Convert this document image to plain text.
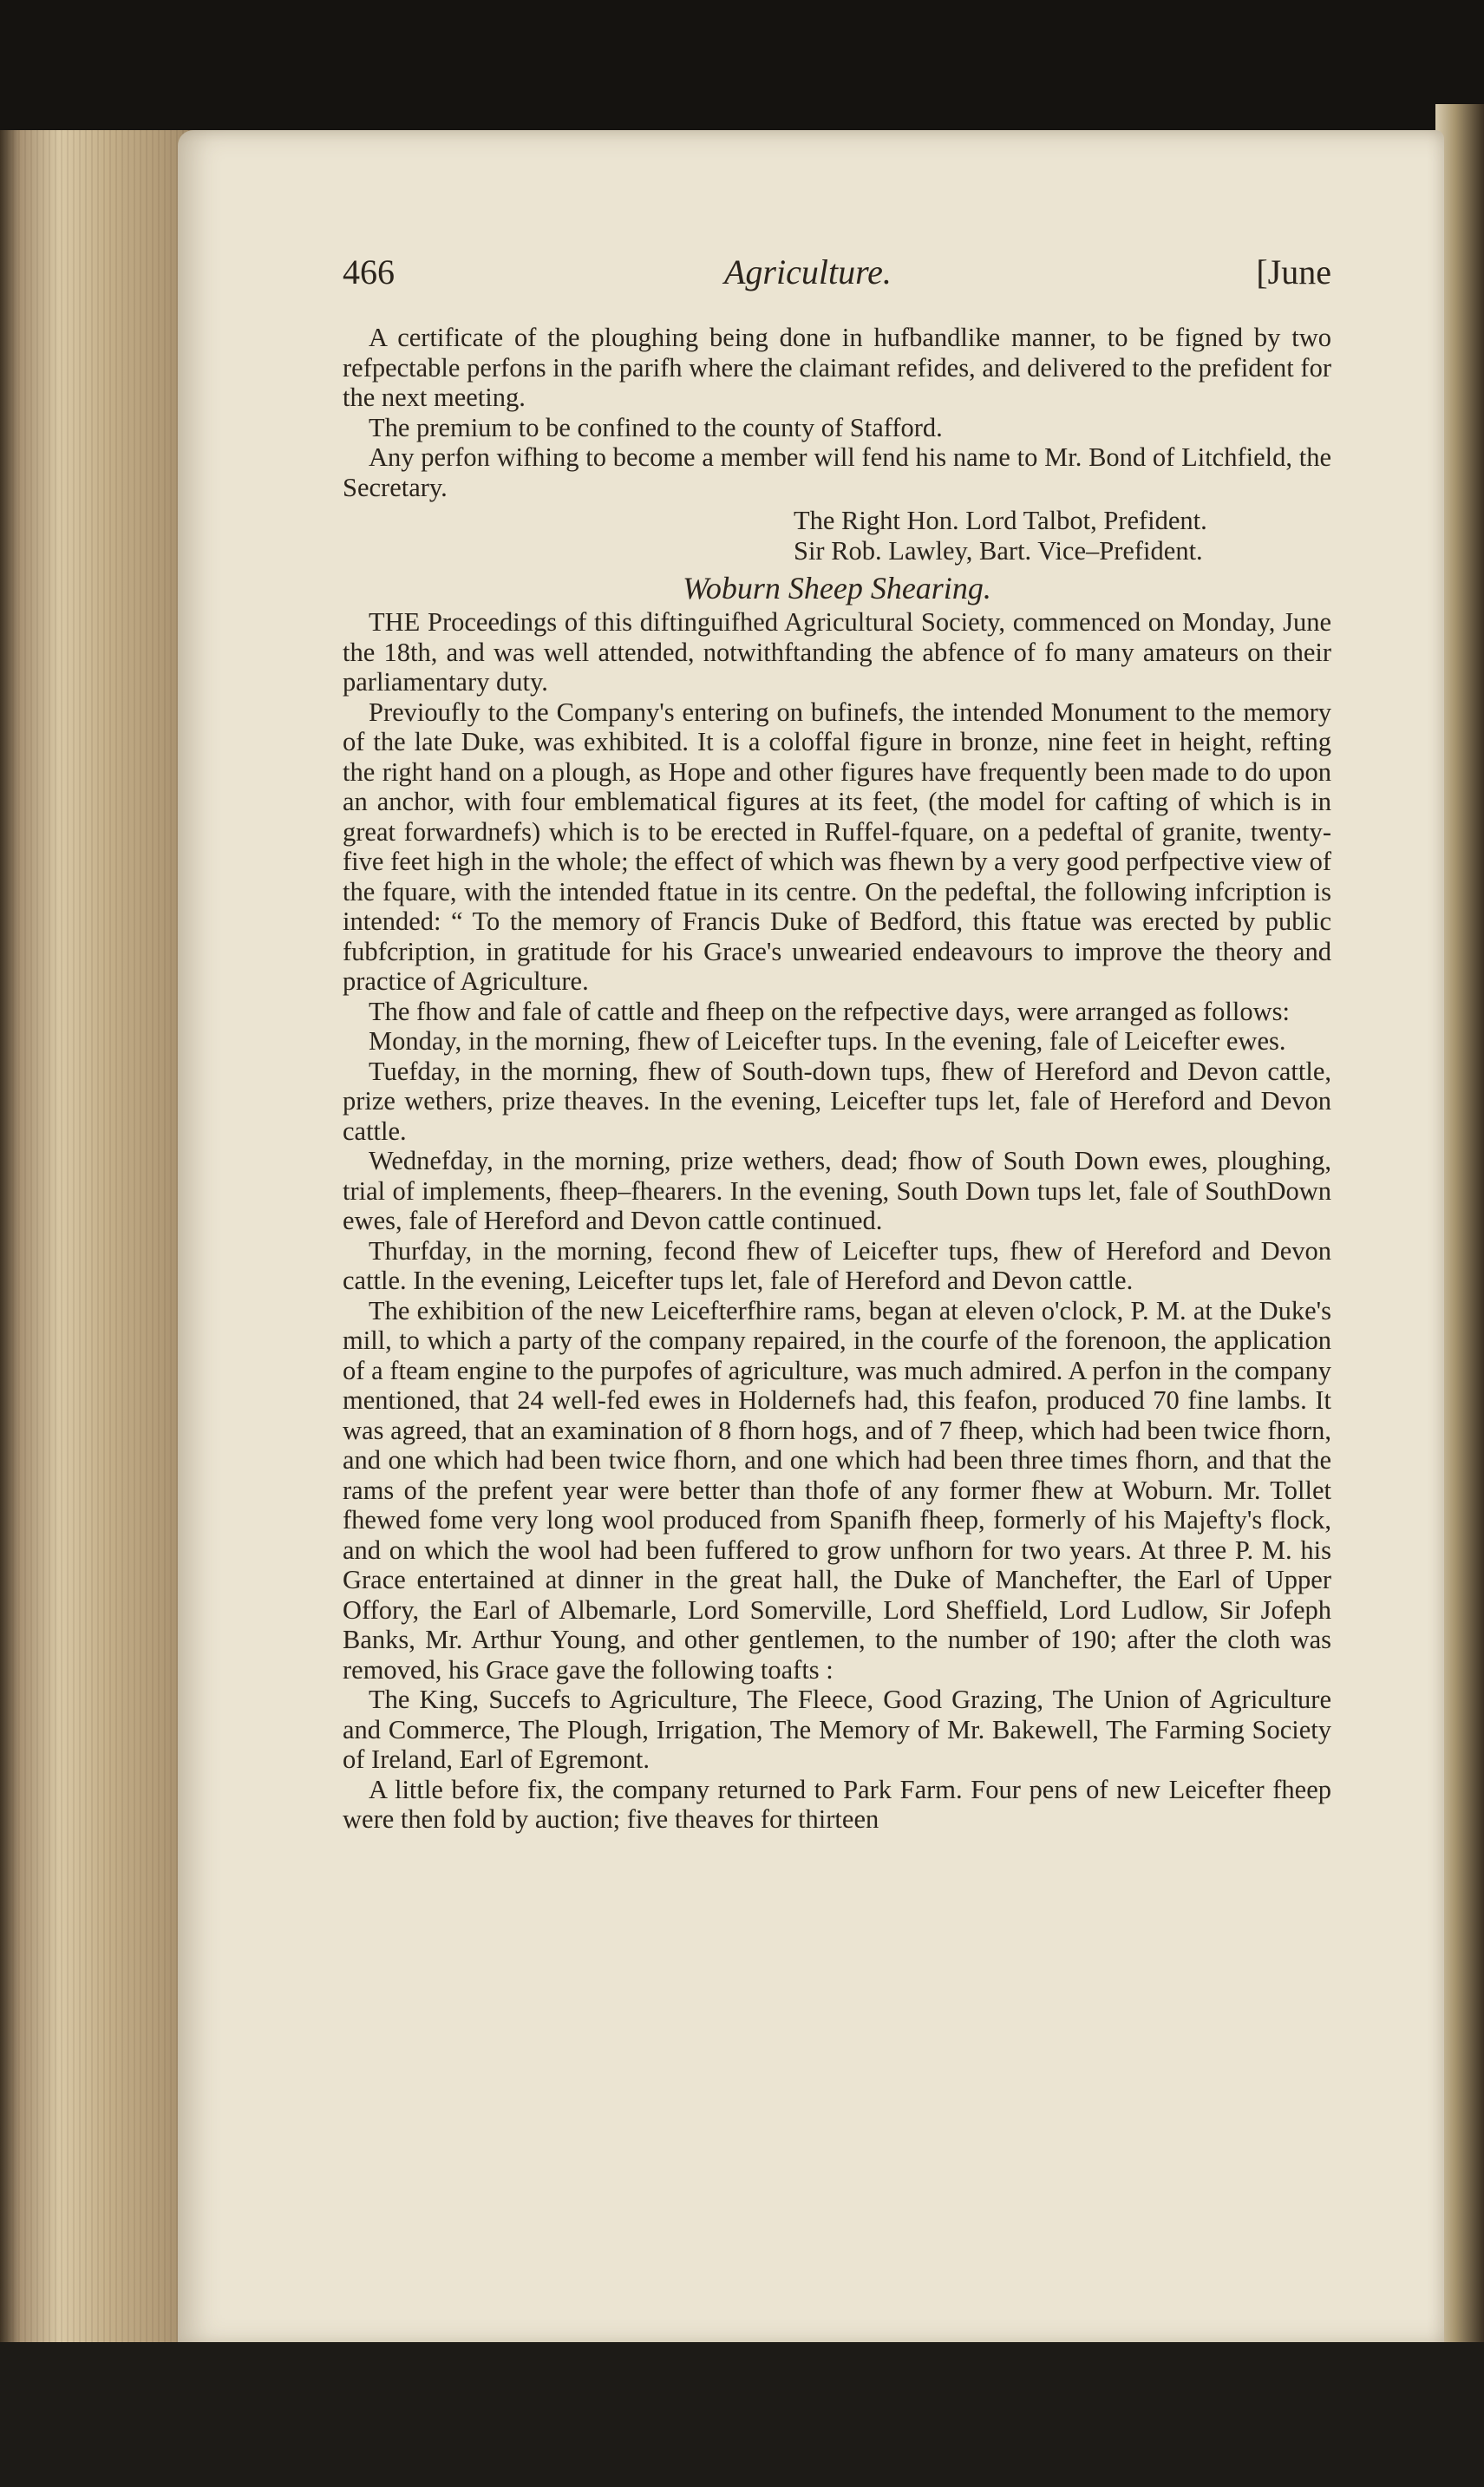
466	Agriculture.	[June

A certificate of the ploughing being done in hufbandlike manner, to be figned by two refpectable perfons in the parifh where the claimant refides, and delivered to the prefident for the next meeting.

The premium to be confined to the county of Stafford.

Any perfon wifhing to become a member will fend his name to Mr. Bond of Litchfield, the Secretary.

The Right Hon. Lord Talbot, Prefident.
Sir Rob. Lawley, Bart. Vice–Prefident.
Woburn Sheep Shearing.

THE Proceedings of this diftinguifhed Agricultural Society, commenced on Monday, June the 18th, and was well attended, notwithftanding the abfence of fo many amateurs on their parliamentary duty.

Previoufly to the Company's entering on bufinefs, the intended Monument to the memory of the late Duke, was exhibited. It is a coloffal figure in bronze, nine feet in height, refting the right hand on a plough, as Hope and other figures have frequently been made to do upon an anchor, with four emblematical figures at its feet, (the model for cafting of which is in great forwardnefs) which is to be erected in Ruffel-fquare, on a pedeftal of granite, twenty-five feet high in the whole; the effect of which was fhewn by a very good perfpective view of the fquare, with the intended ftatue in its centre. On the pedeftal, the following infcription is intended: “ To the memory of Francis Duke of Bedford, this ftatue was erected by public fubfcription, in gratitude for his Grace's unwearied endeavours to improve the theory and practice of Agriculture.

The fhow and fale of cattle and fheep on the refpective days, were arranged as follows:

Monday, in the morning, fhew of Leicefter tups. In the evening, fale of Leicefter ewes.

Tuefday, in the morning, fhew of South-down tups, fhew of Hereford and Devon cattle, prize wethers, prize theaves. In the evening, Leicefter tups let, fale of Hereford and Devon cattle.

Wednefday, in the morning, prize wethers, dead; fhow of South Down ewes, ploughing, trial of implements, fheep–fhearers. In the evening, South Down tups let, fale of SouthDown ewes, fale of Hereford and Devon cattle continued.

Thurfday, in the morning, fecond fhew of Leicefter tups, fhew of Hereford and Devon cattle. In the evening, Leicefter tups let, fale of Hereford and Devon cattle.

The exhibition of the new Leicefterfhire rams, began at eleven o'clock, P. M. at the Duke's mill, to which a party of the company repaired, in the courfe of the forenoon, the application of a fteam engine to the purpofes of agriculture, was much admired. A perfon in the company mentioned, that 24 well-fed ewes in Holdernefs had, this feafon, produced 70 fine lambs. It was agreed, that an examination of 8 fhorn hogs, and of 7 fheep, which had been twice fhorn, and one which had been twice fhorn, and one which had been three times fhorn, and that the rams of the prefent year were better than thofe of any former fhew at Woburn. Mr. Tollet fhewed fome very long wool produced from Spanifh fheep, formerly of his Majefty's flock, and on which the wool had been fuffered to grow unfhorn for two years. At three P. M. his Grace entertained at dinner in the great hall, the Duke of Manchefter, the Earl of Upper Offory, the Earl of Albemarle, Lord Somerville, Lord Sheffield, Lord Ludlow, Sir Jofeph Banks, Mr. Arthur Young, and other gentlemen, to the number of 190; after the cloth was removed, his Grace gave the following toafts :

The King, Succefs to Agriculture, The Fleece, Good Grazing, The Union of Agriculture and Commerce, The Plough, Irrigation, The Memory of Mr. Bakewell, The Farming Society of Ireland, Earl of Egremont.

A little before fix, the company returned to Park Farm. Four pens of new Leicefter fheep were then fold by auction; five theaves for thirteen
